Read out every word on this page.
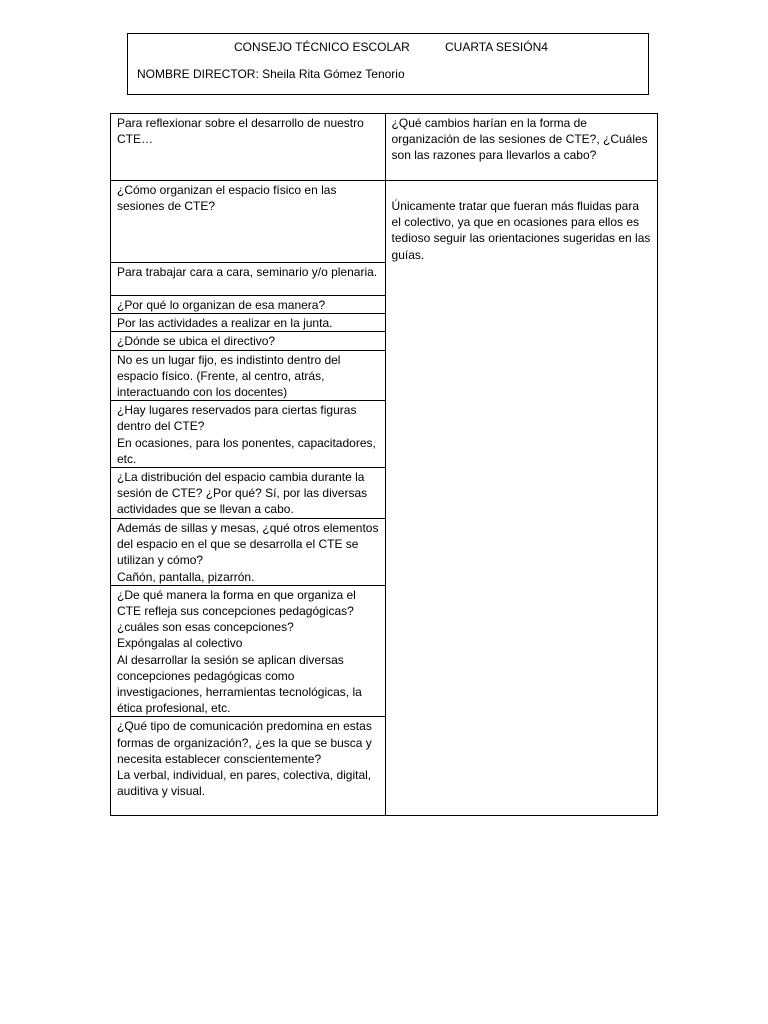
CONSEJO TÉCNICO ESCOLAR	CUARTA SESIÓN4
NOMBRE DIRECTOR: Sheila Rita Gómez Tenorio
Para reflexionar sobre el desarrollo de nuestro CTE…	¿Qué cambios harían en la forma de organización de las sesiones de CTE?, ¿Cuáles son las razones para llevarlos a cabo?
¿Cómo organizan el espacio físico en las sesiones de CTE?	Únicamente tratar que fueran más fluidas para el colectivo, ya que en ocasiones para ellos es tedioso seguir las orientaciones sugeridas en las guías.

Para trabajar cara a cara, seminario y/o plenaria.	
¿Por qué lo organizan de esa manera?	
Por las actividades a realizar en la junta.	
¿Dónde se ubica el directivo?	
No es un lugar fijo, es indistinto dentro del espacio físico. (Frente, al centro, atrás, interactuando con los docentes)	
¿Hay lugares reservados para ciertas figuras dentro del CTE?
En ocasiones, para los ponentes, capacitadores, etc.	
¿La distribución del espacio cambia durante la sesión de CTE? ¿Por qué? Sí, por las diversas actividades que se llevan a cabo.	
Además de sillas y mesas, ¿qué otros elementos del espacio en el que se desarrolla el CTE se utilizan y cómo?
Cañón, pantalla, pizarrón.	
¿De qué manera la forma en que organiza el CTE refleja sus concepciones pedagógicas? ¿cuáles son esas concepciones?
Expóngalas al colectivo
Al desarrollar la sesión se aplican diversas concepciones pedagógicas como investigaciones, herramientas tecnológicas, la ética profesional, etc.	
¿Qué tipo de comunicación predomina en estas formas de organización?, ¿es la que se busca y necesita establecer conscientemente?
La verbal, individual, en pares, colectiva, digital, auditiva y visual.	
